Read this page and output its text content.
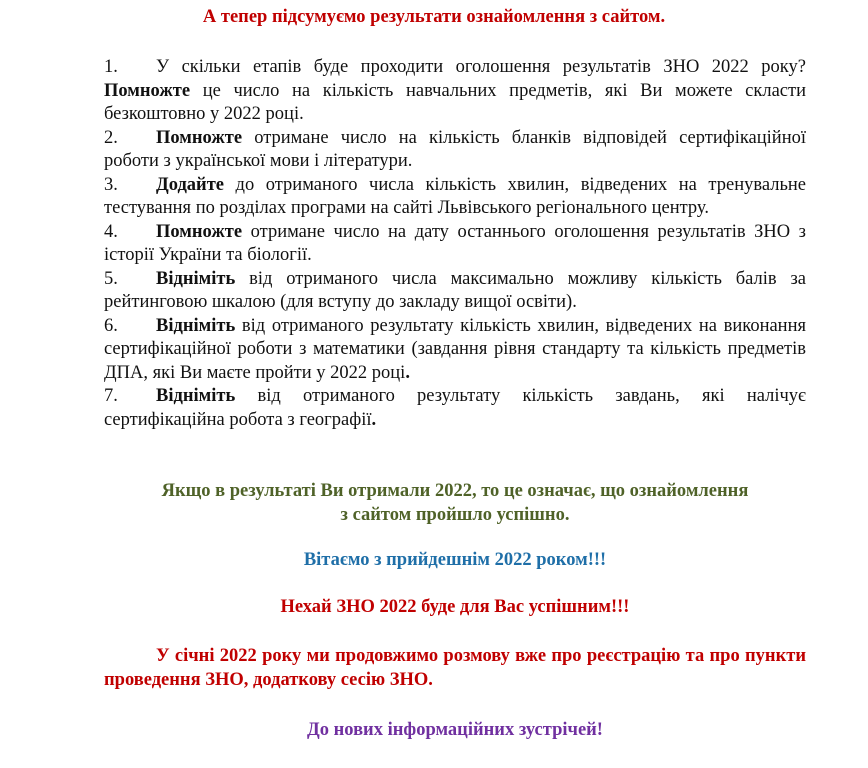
А тепер підсумуємо результати ознайомлення з сайтом.

1. У скільки етапів буде проходити оголошення результатів ЗНО 2022 року? Помножте це число на кількість навчальних предметів, які Ви можете скласти безкоштовно у 2022 році.

2. Помножте отримане число на кількість бланків відповідей сертифікаційної роботи з української мови і літератури.

3. Додайте до отриманого числа кількість хвилин, відведених на тренувальне тестування по розділах програми на сайті Львівського регіонального центру.

4. Помножте отримане число на дату останнього оголошення результатів ЗНО з історії України та біології.

5. Відніміть від отриманого числа максимально можливу кількість балів за рейтинговою шкалою (для вступу до закладу вищої освіти).

6. Відніміть від отриманого результату кількість хвилин, відведених на виконання сертифікаційної роботи з математики (завдання рівня стандарту та кількість предметів ДПА, які Ви маєте пройти у 2022 році.

7. Відніміть від отриманого результату кількість завдань, які налічує сертифікаційна робота з географії.

Якщо в результаті Ви отримали 2022, то це означає, що ознайомлення
з сайтом пройшло успішно.
Вітаємо з прийдешнім 2022 роком!!!
Нехай ЗНО 2022 буде для Вас успішним!!!
У січні 2022 року ми продовжимо розмову вже про реєстрацію та про пункти проведення ЗНО, додаткову сесію ЗНО.
До нових інформаційних зустрічей!
